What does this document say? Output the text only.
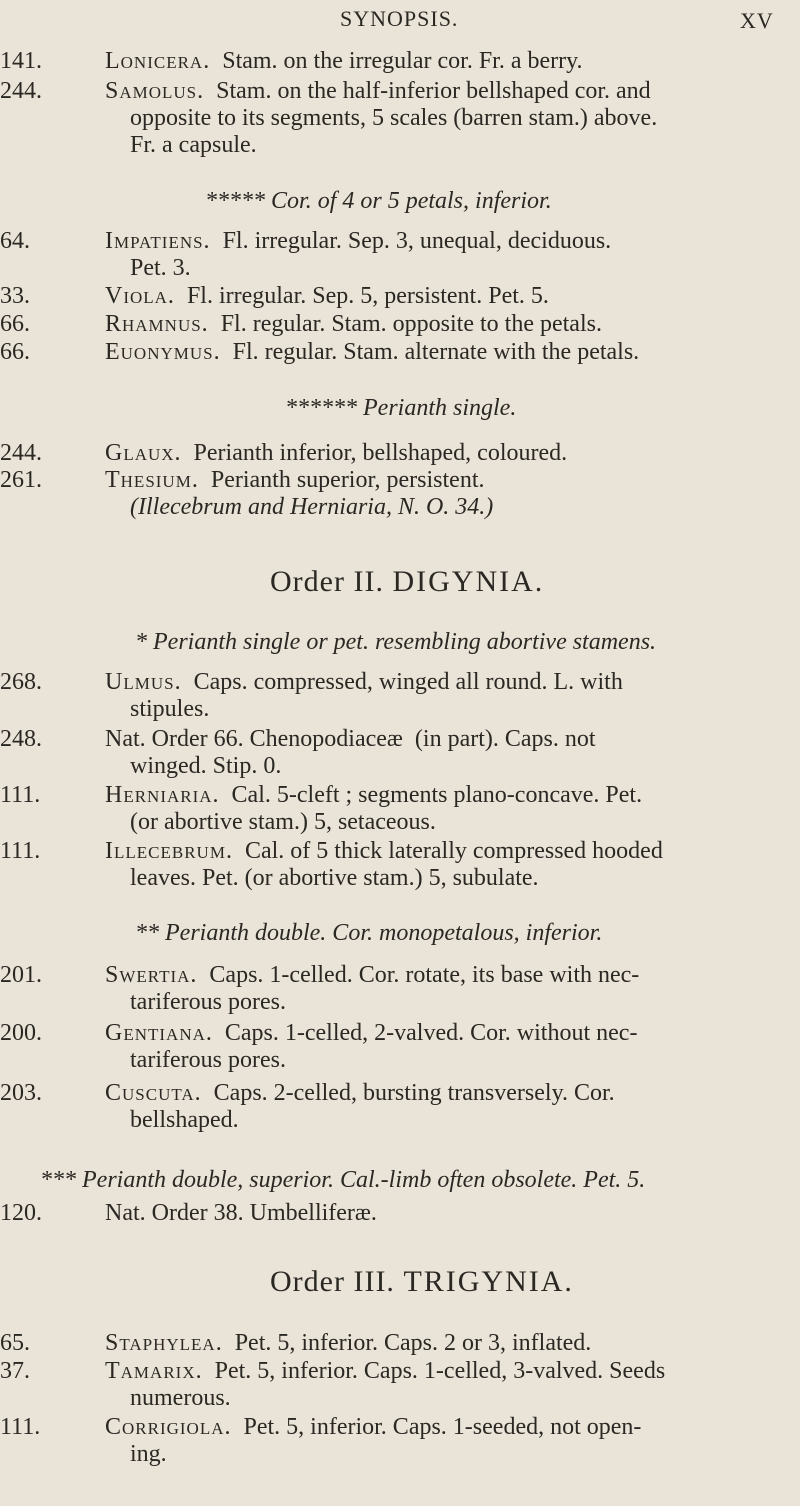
SYNOPSIS.	XV
141.	Lonicera. Stam. on the irregular cor. Fr. a berry.
244.	Samolus. Stam. on the half-inferior bellshaped cor. and
opposite to its segments, 5 scales (barren stam.) above.
Fr. a capsule.
***** Cor. of 4 or 5 petals, inferior.
64.	Impatiens. Fl. irregular. Sep. 3, unequal, deciduous.
Pet. 3.
33.	Viola. Fl. irregular. Sep. 5, persistent. Pet. 5.
66.	Rhamnus. Fl. regular. Stam. opposite to the petals.
66.	Euonymus. Fl. regular. Stam. alternate with the petals.
****** Perianth single.
244.	Glaux. Perianth inferior, bellshaped, coloured.
261.	Thesium. Perianth superior, persistent.
(Illecebrum and Herniaria, N. O. 34.)
Order II. DIGYNIA.
* Perianth single or pet. resembling abortive stamens.
268.	Ulmus. Caps. compressed, winged all round. L. with
stipules.
248.	Nat. Order 66. Chenopodiaceæ (in part). Caps. not
winged. Stip. 0.
111.	Herniaria. Cal. 5-cleft ; segments plano-concave. Pet.
(or abortive stam.) 5, setaceous.
111.	Illecebrum. Cal. of 5 thick laterally compressed hooded
leaves. Pet. (or abortive stam.) 5, subulate.
** Perianth double. Cor. monopetalous, inferior.
201.	Swertia. Caps. 1-celled. Cor. rotate, its base with nec-
tariferous pores.
200.	Gentiana. Caps. 1-celled, 2-valved. Cor. without nec-
tariferous pores.
203.	Cuscuta. Caps. 2-celled, bursting transversely. Cor.
bellshaped.
*** Perianth double, superior. Cal.-limb often obsolete. Pet. 5.
120.	Nat. Order 38. Umbelliferæ.
Order III. TRIGYNIA.
65.	Staphylea. Pet. 5, inferior. Caps. 2 or 3, inflated.
37.	Tamarix. Pet. 5, inferior. Caps. 1-celled, 3-valved. Seeds
numerous.
111.	Corrigiola. Pet. 5, inferior. Caps. 1-seeded, not open-
ing.
